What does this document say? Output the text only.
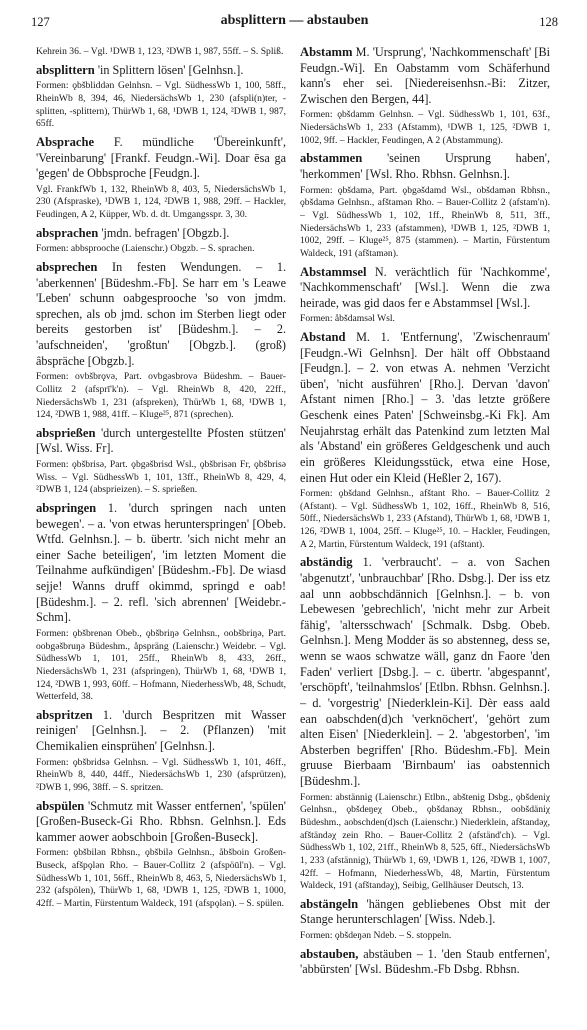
127	absplittern — abstauben	128

Kehrein 36. – Vgl. ¹DWB 1, 123, ²DWB 1, 987, 55ff. – S. Spliß.

absplittern 'in Splittern lösen' [Gelnhsn.].

Formen: ǫbšbliddǝn Gelnhsn. – Vgl. SüdhessWb 1, 100, 58ff., RheinWb 8, 394, 46, NiedersächsWb 1, 230 (afspli(n)ter, -splitten, -splittern), ThürWb 1, 68, ¹DWB 1, 124, ²DWB 1, 987, 65ff.

Absprache F. mündliche 'Übereinkunft', 'Vereinbarung' [Frankf. Feudgn.-Wi]. Doar ēsa ga 'gegen' de Obbsproche [Feudgn.].

Vgl. FrankfWb 1, 132, RheinWb 8, 403, 5, NiedersächsWb 1, 230 (Afspraske), ¹DWB 1, 124, ²DWB 1, 988, 29ff. – Hackler, Feudingen, A 2, Küpper, Wb. d. dt. Umgangsspr. 3, 30.

absprachen 'jmdn. befragen' [Obgzb.].

Formen: abbsprooche (Laienschr.) Obgzb. – S. sprachen.

absprechen In festen Wendungen. – 1. 'aberkennen' [Büdeshm.-Fb]. Se harr em 's Leawe 'Leben' schunn oabgesprooche 'so von jmdm. sprechen, als ob jmd. schon im Sterben liegt oder bereits gestorben ist' [Büdeshm.]. – 2. 'aufschneiden', 'großtun' [Obgzb.]. (groß) âbspräche [Obgzb.].

Formen: ovbšbrǫvǝ, Part. ovbgǝsbrovǝ Büdeshm. – Bauer-Collitz 2 (afsprī'k'n). – Vgl. RheinWb 8, 420, 22ff., NiedersächsWb 1, 231 (afspreken), ThürWb 1, 68, ¹DWB 1, 124, ²DWB 1, 988, 41ff. – Kluge²⁵, 871 (sprechen).

absprießen 'durch untergestellte Pfosten stützen' [Wsl. Wiss. Fr].

Formen: ǫbšbrisǝ, Part. ǫbgǝšbrisd Wsl., ǫbšbrisǝn Fr, ǫbšbrisǝ Wiss. – Vgl. SüdhessWb 1, 101, 13ff., RheinWb 8, 429, 4, ²DWB 1, 124 (absprieizen). – S. sprießen.

abspringen 1. 'durch springen nach unten bewegen'. – a. 'von etwas herunterspringen' [Obeb. Wtfd. Gelnhsn.]. – b. übertr. 'sich nicht mehr an einer Sache beteiligen', 'im letzten Moment die Teilnahme aufkündigen' [Büdeshm.-Fb]. De wiasd sejje! Wanns druff okimmd, springd e oab! [Büdeshm.]. – 2. refl. 'sich abrennen' [Weidebr.-Schm].

Formen: ǫbšbrenǝn Obeb., ǫbšbriŋǝ Gelnhsn., oobšbriŋǝ, Part. oobgǝšbruŋǝ Büdeshm., åpspräng (Laienschr.) Weidebr. – Vgl. SüdhessWb 1, 101, 25ff., RheinWb 8, 433, 26ff., NiedersächsWb 1, 231 (afspringen), ThürWb 1, 68, ¹DWB 1, 124, ²DWB 1, 993, 60ff. – Hofmann, NiederhessWb, 48, Schudt, Wetterfeld, 38.

abspritzen 1. 'durch Bespritzen mit Wasser reinigen' [Gelnhsn.]. – 2. (Pflanzen) 'mit Chemikalien einsprühen' [Gelnhsn.].

Formen: ǫbšbridsǝ Gelnhsn. – Vgl. SüdhessWb 1, 101, 46ff., RheinWb 8, 440, 44ff., NiedersächsWb 1, 230 (afsprützen), ²DWB 1, 996, 38ff. – S. spritzen.

abspülen 'Schmutz mit Wasser entfernen', 'spülen' [Großen-Buseck-Gi Rho. Rbhsn. Gelnhsn.]. Eds kammer aower aobschboin [Großen-Buseck].

Formen: ǫbšbilǝn Rbhsn., ǫbšbilǝ Gelnhsn., åbšboin Großen-Buseck, afšpǫlǝn Rho. – Bauer-Collitz 2 (afspöūl'n). – Vgl. SüdhessWb 1, 101, 56ff., RheinWb 8, 463, 5, NiedersächsWb 1, 232 (afspölen), ThürWb 1, 68, ¹DWB 1, 125, ²DWB 1, 1000, 42ff. – Martin, Fürstentum Waldeck, 191 (afspǫlǝn). – S. spülen.

Abstamm M. 'Ursprung', 'Nachkommenschaft' [Bi Feudgn.-Wi]. En Oabstamm vom Schäferhund kann's eher sei. [Niedereisenhsn.-Bi: Zitzer, Zwischen den Bergen, 44].

Formen: ǫbšdamm Gelnhsn. – Vgl. SüdhessWb 1, 101, 63f., NiedersächsWb 1, 233 (Afstamm), ¹DWB 1, 125, ²DWB 1, 1002, 9ff. – Hackler, Feudingen, A 2 (Abstammung).

abstammen 'seinen Ursprung haben', 'herkommen' [Wsl. Rho. Rbhsn. Gelnhsn.].

Formen: ǫbšdamǝ, Part. ǫbgǝšdamd Wsl., obšdamǝn Rbhsn., ǫbšdamǝ Gelnhsn., afštamǝn Rho. – Bauer-Collitz 2 (afstam'n). – Vgl. SüdhessWb 1, 102, 1ff., RheinWb 8, 511, 3ff., NiedersächsWb 1, 233 (afstammen), ¹DWB 1, 125, ²DWB 1, 1002, 29ff. – Kluge²⁵, 875 (stammen). – Martin, Fürstentum Waldeck, 191 (afštamǝn).

Abstammsel N. verächtlich für 'Nachkomme', 'Nachkommenschaft' [Wsl.]. Wenn die zwa heirade, was gid daos fer e Abstammsel [Wsl.].

Formen: åbšdamsǝl Wsl.

Abstand M. 1. 'Entfernung', 'Zwischenraum' [Feudgn.-Wi Gelnhsn]. Der hält off Obbstaand [Feudgn.]. – 2. von etwas A. nehmen 'Verzicht üben', 'nicht ausführen' [Rho.]. Dervan 'davon' Afstant nimen [Rho.] – 3. 'das letzte größere Geschenk eines Paten' [Schweinsbg.-Ki Fk]. Am Neujahrstag erhält das Patenkind zum letzten Mal als 'Abstand' ein größeres Geldgeschenk und auch ein größeres Kleidungsstück, etwa eine Hose, einen Hut oder ein Kleid (Heßler 2, 167).

Formen: ǫbšdand Gelnhsn., afštant Rho. – Bauer-Collitz 2 (Afstant). – Vgl. SüdhessWb 1, 102, 16ff., RheinWb 8, 516, 50ff., NiedersächsWb 1, 233 (Afstand), ThürWb 1, 68, ¹DWB 1, 126, ²DWB 1, 1004, 25ff. – Kluge²⁵, 10. – Hackler, Feudingen, A 2, Martin, Fürstentum Waldeck, 191 (afštant).

abständig 1. 'verbraucht'. – a. von Sachen 'abgenutzt', 'unbrauchbar' [Rho. Dsbg.]. Der iss etz aal unn aobbschdännich [Gelnhsn.]. – b. von Lebewesen 'gebrechlich', 'nicht mehr zur Arbeit fähig', 'altersschwach' [Schmalk. Dsbg. Obeb. Gelnhsn.]. Meng Modder äs so abstenneg, dess se, wenn se waos schwatze wäll, ganz dn Faore 'den Faden' verliert [Dsbg.]. – c. übertr. 'abgespannt', 'erschöpft', 'teilnahmslos' [Etlbn. Rbhsn. Gelnhsn.]. – d. 'vorgestrig' [Niederklein-Ki]. Dèr eass aald ean oabschden(d)ch 'verknöchert', 'gehört zum alten Eisen' [Niederklein]. – 2. 'abgestorben', 'im Absterben begriffen' [Rho. Büdeshm.-Fb]. Mein gruuse Bierbaam 'Birnbaum' ias oabstennich [Büdeshm.].

Formen: abstännig (Laienschr.) Etlbn., abštenig Dsbg., ǫbšdeniχ Gelnhsn., ǫbšdeŋeχ Obeb., ǫbšdanǝχ Rbhsn., oobšdäniχ Büdeshm., aobschden(d)sch (Laienschr.) Niederklein, afštandǝχ, afštändǝχ zein Rho. – Bauer-Collitz 2 (afständ'ch). – Vgl. SüdhessWb 1, 102, 21ff., RheinWb 8, 525, 6ff., NiedersächsWb 1, 233 (afstännig), ThürWb 1, 69, ¹DWB 1, 126, ²DWB 1, 1007, 42ff. – Hofmann, NiederhessWb, 48, Martin, Fürstentum Waldeck, 191 (afštandǝχ), Seibig, Gellhäuser Deutsch, 13.

abstängeln 'hängen gebliebenes Obst mit der Stange herunterschlagen' [Wiss. Ndeb.].

Formen: ǫbšdeŋǝn Ndeb. – S. stoppeln.

abstauben, abstäuben – 1. 'den Staub entfernen', 'abbürsten' [Wsl. Büdeshm.-Fb Dsbg. Rbhsn.
